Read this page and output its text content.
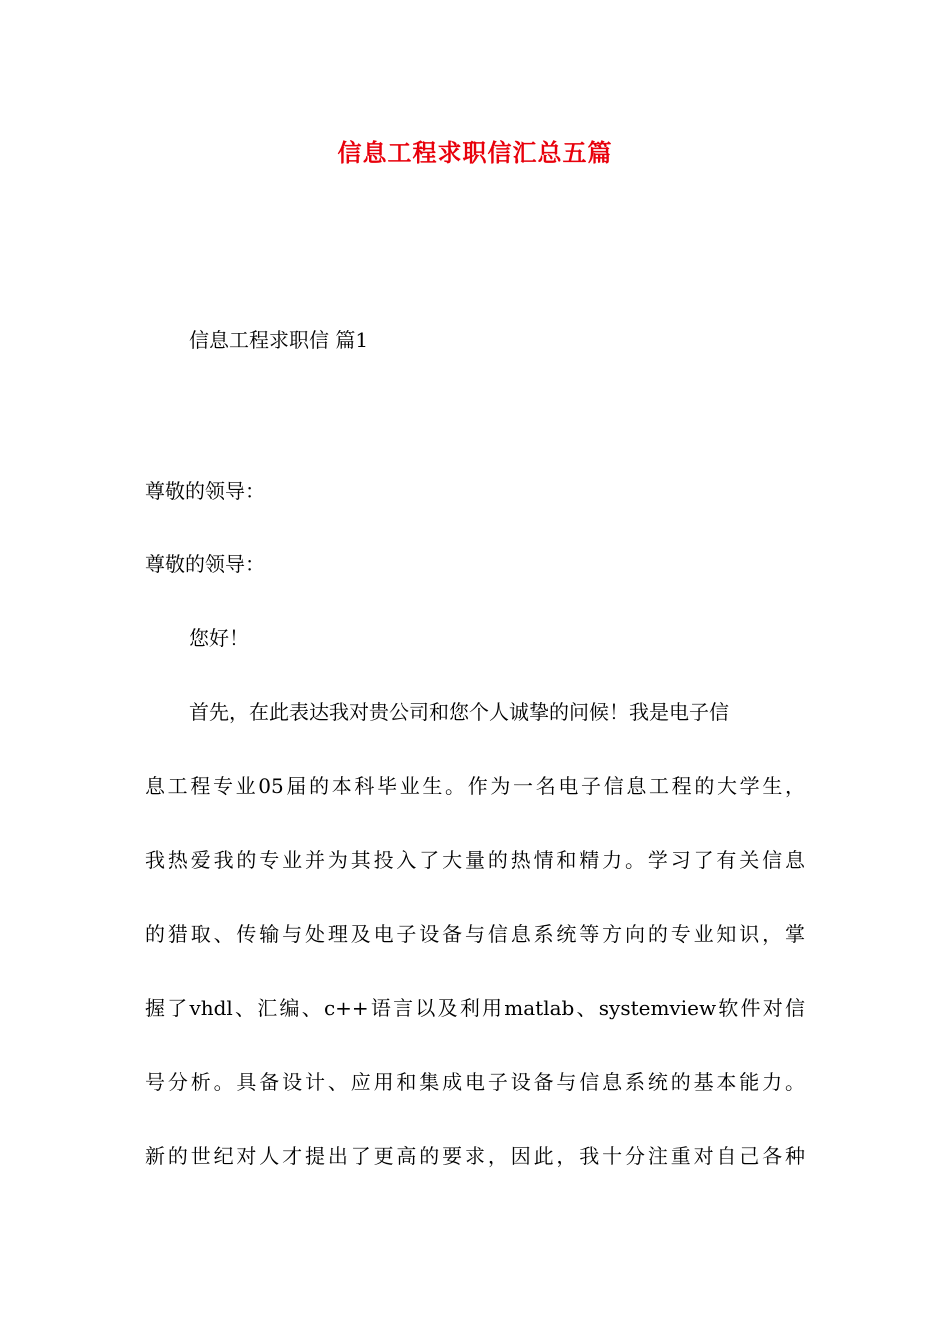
信息工程求职信汇总五篇
信息工程求职信 篇1
尊敬的领导：
尊敬的领导：
您好！
首先，在此表达我对贵公司和您个人诚挚的问候！我是电子信
息工程专业05届的本科毕业生。作为一名电子信息工程的大学生，
我热爱我的专业并为其投入了大量的热情和精力。学习了有关信息
的猎取、传输与处理及电子设备与信息系统等方向的专业知识，掌
握了vhdl、汇编、c++语言以及利用matlab、systemview软件对信
号分析。具备设计、应用和集成电子设备与信息系统的基本能力。
新的世纪对人才提出了更高的要求，因此，我十分注重对自己各种
